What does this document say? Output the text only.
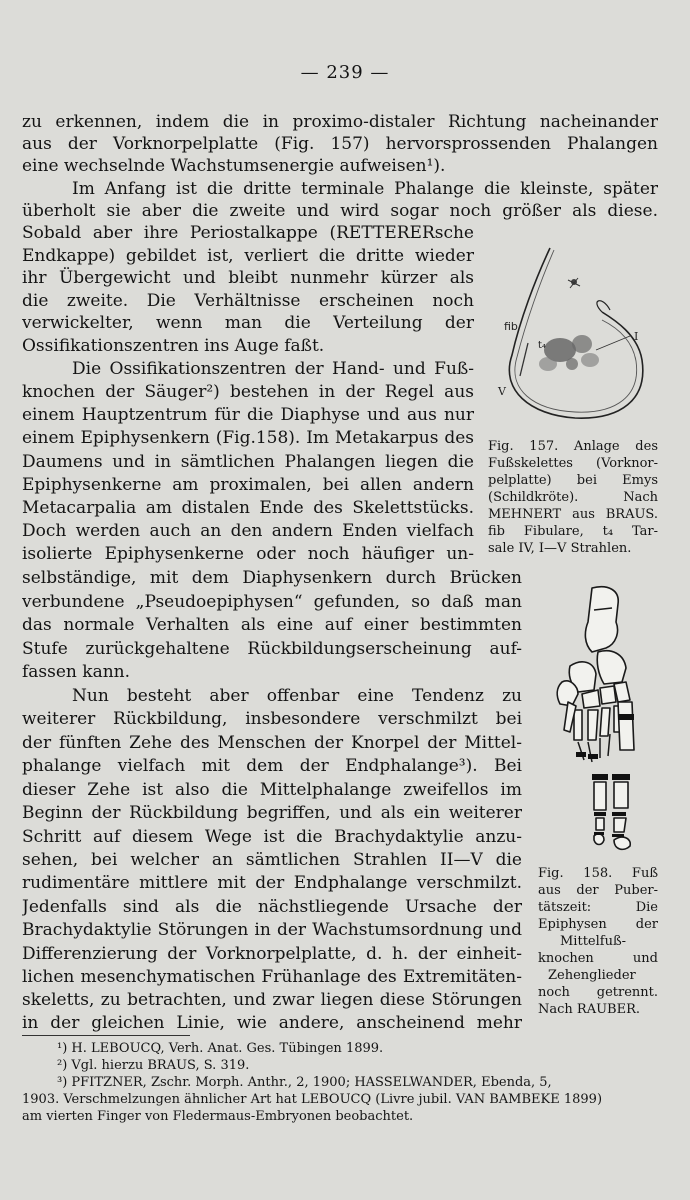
— 239 —
zu erkennen, indem die in proximo-distaler Richtung nacheinander
aus der Vorknorpelplatte (Fig. 157) hervorsprossenden Phalangen
eine wechselnde Wachstumsenergie aufweisen¹).
Im Anfang ist die dritte terminale Phalange die kleinste, später
überholt sie aber die zweite und wird sogar noch größer als diese.
Sobald aber ihre Periostalkappe (RETTERERsche
Endkappe) gebildet ist, verliert die dritte wieder
ihr Übergewicht und bleibt nunmehr kürzer als
die zweite. Die Verhältnisse erscheinen noch
verwickelter, wenn man die Verteilung der
Ossifikationszentren ins Auge faßt.
Die Ossifikationszentren der Hand- und Fuß-
knochen der Säuger²) bestehen in der Regel aus
einem Hauptzentrum für die Diaphyse und aus nur
einem Epiphysenkern (Fig.158). Im Metakarpus des
Daumens und in sämtlichen Phalangen liegen die
Epiphysenkerne am proximalen, bei allen andern
Metacarpalia am distalen Ende des Skelettstücks.
Doch werden auch an den andern Enden vielfach
isolierte Epiphysenkerne oder noch häufiger un-
selbständige, mit dem Diaphysenkern durch Brücken
verbundene „Pseudoepiphysen“ gefunden, so daß man
das normale Verhalten als eine auf einer bestimmten
Stufe zurückgehaltene Rückbildungserscheinung auf-
fassen kann.
Nun besteht aber offenbar eine Tendenz zu
weiterer Rückbildung, insbesondere verschmilzt bei
der fünften Zehe des Menschen der Knorpel der Mittel-
phalange vielfach mit dem der Endphalange³). Bei
dieser Zehe ist also die Mittelphalange zweifellos im
Beginn der Rückbildung begriffen, und als ein weiterer
Schritt auf diesem Wege ist die Brachydaktylie anzu-
sehen, bei welcher an sämtlichen Strahlen II—V die
rudimentäre mittlere mit der Endphalange verschmilzt.
Jedenfalls sind als die nächstliegende Ursache der
Brachydaktylie Störungen in der Wachstumsordnung und
Differenzierung der Vorknorpelplatte, d. h. der einheit-
lichen mesenchymatischen Frühanlage des Extremitäten-
skeletts, zu betrachten, und zwar liegen diese Störungen
in der gleichen Linie, wie andere, anscheinend mehr
fib
t₄
I
V
Fig. 157. Anlage des
Fußskelettes (Vorknor-
pelplatte) bei Emys
(Schildkröte). Nach
MEHNERT aus BRAUS.
fib Fibulare, t₄ Tar-
sale IV, I—V Strahlen.
Fig. 158. Fuß
aus der Puber-
tätszeit: Die
Epiphysen der
Mittelfuß-
knochen und
Zehenglieder
noch getrennt.
Nach RAUBER.
¹) H. LEBOUCQ, Verh. Anat. Ges. Tübingen 1899.
²) Vgl. hierzu BRAUS, S. 319.
³) PFITZNER, Zschr. Morph. Anthr., 2, 1900; HASSELWANDER, Ebenda, 5,
1903. Verschmelzungen ähnlicher Art hat LEBOUCQ (Livre jubil. VAN BAMBEKE 1899)
am vierten Finger von Fledermaus-Embryonen beobachtet.
